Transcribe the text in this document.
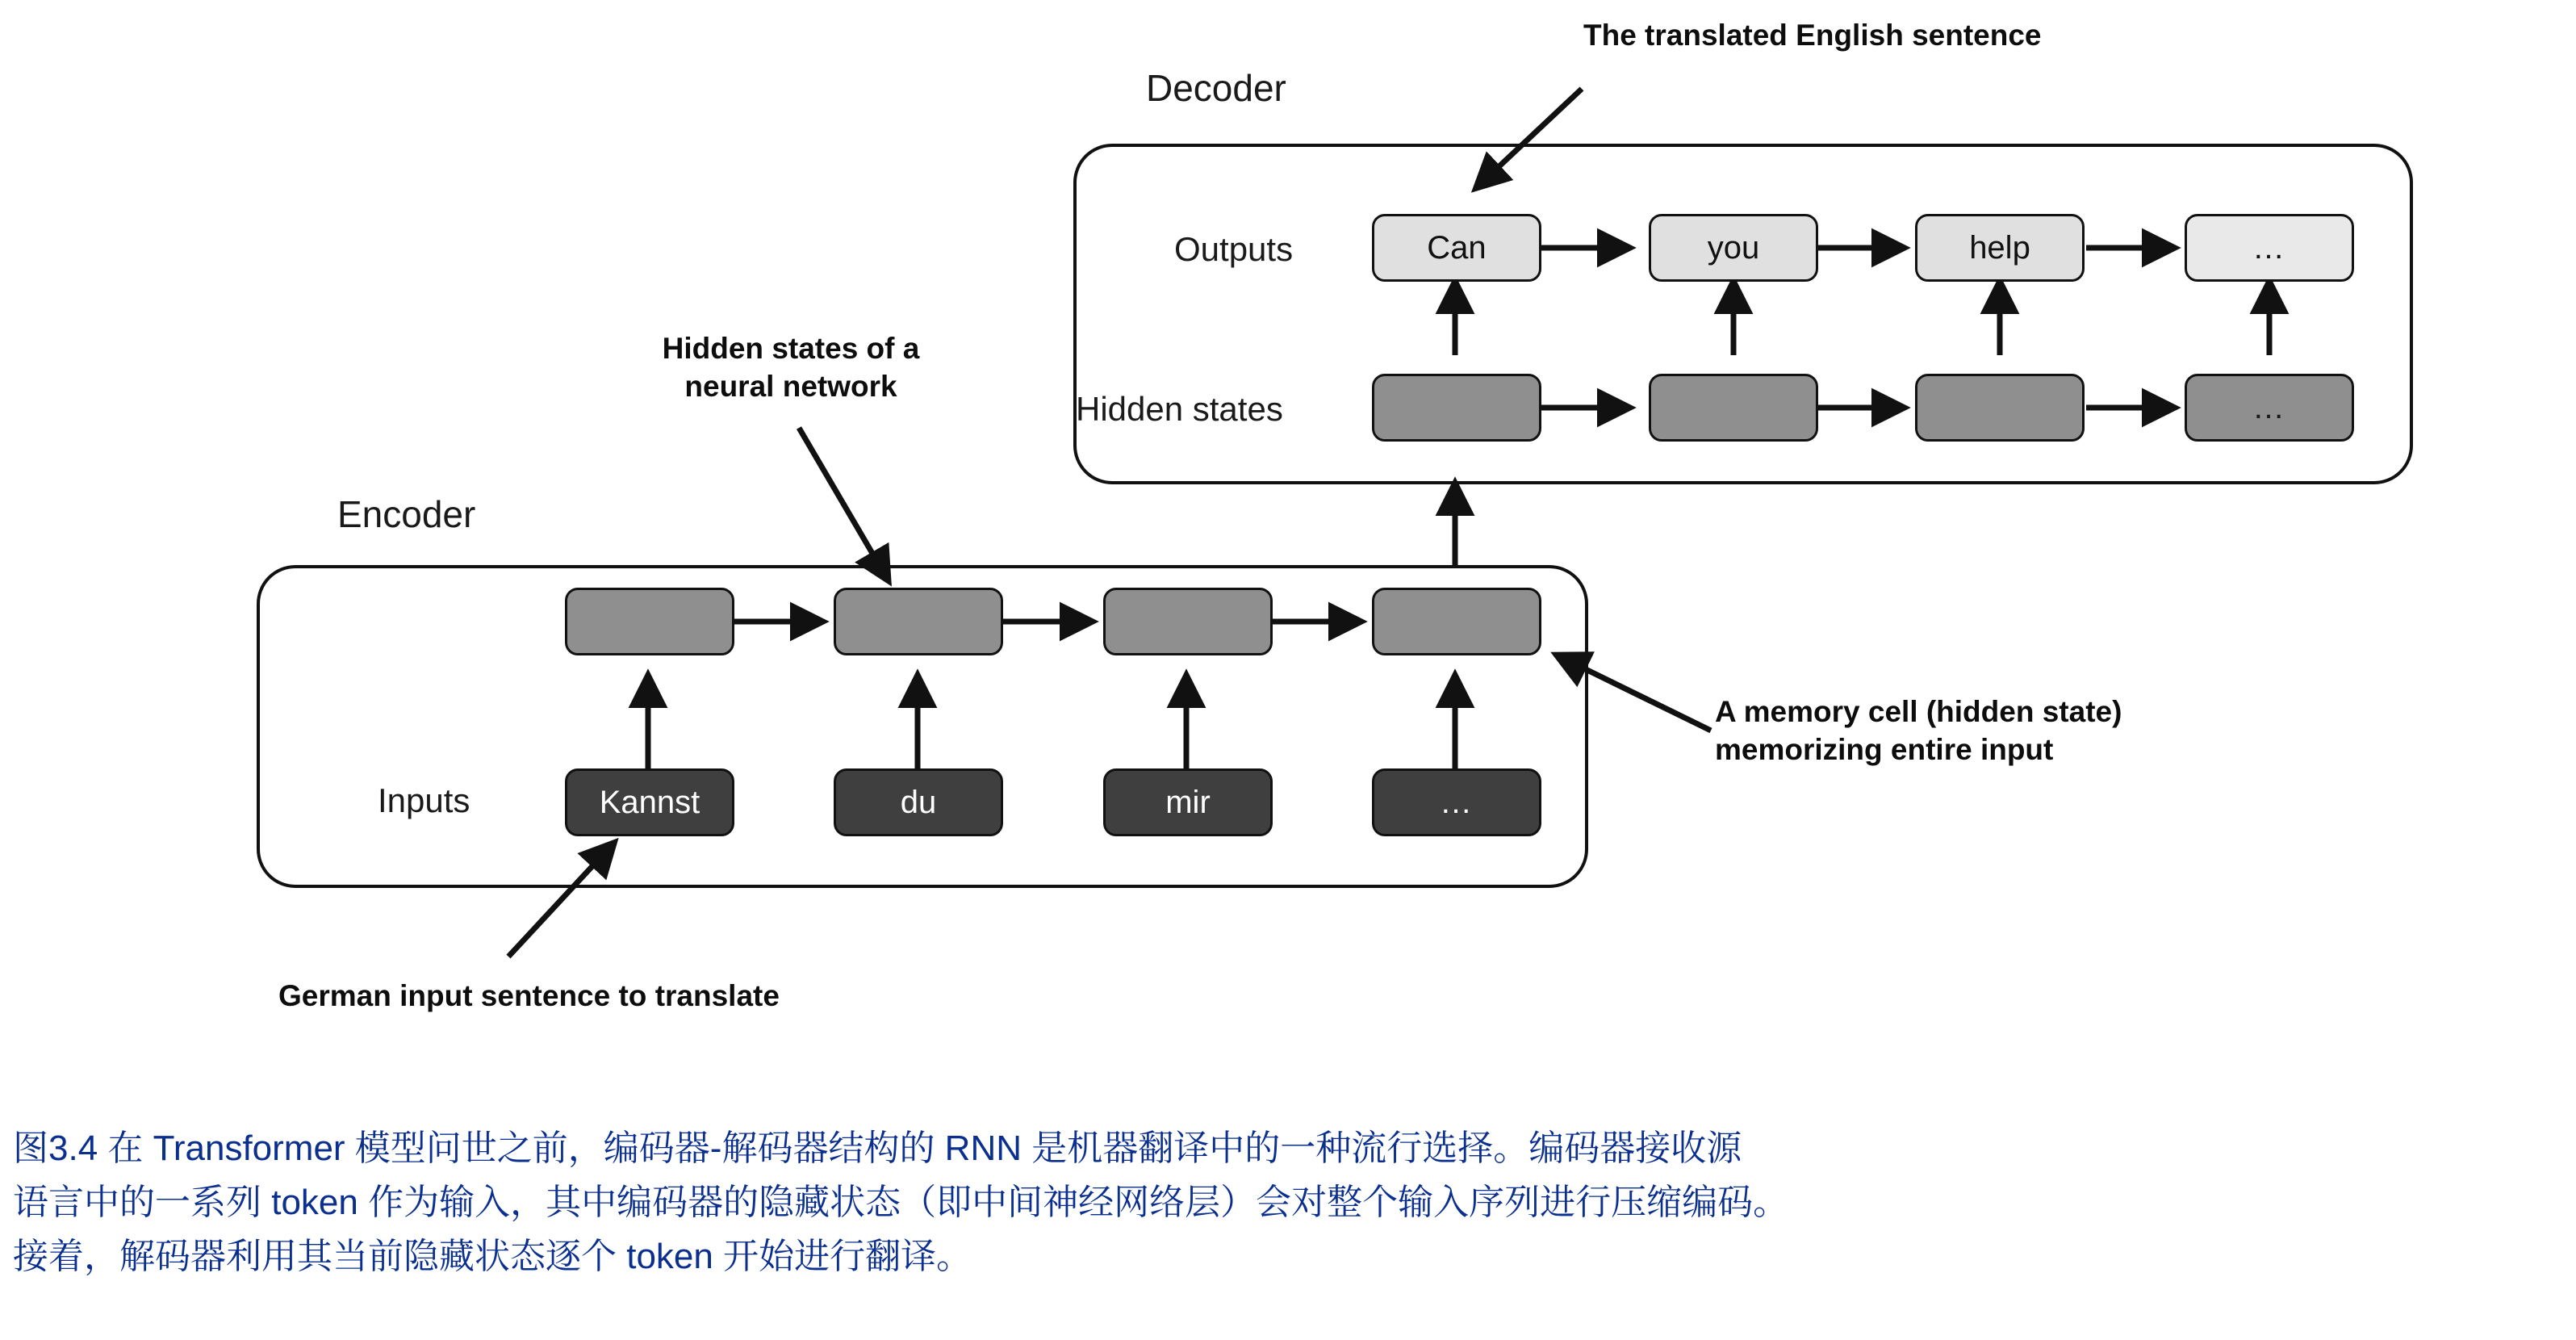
Encoder
Inputs	Kannst	du	mir	…
Decoder
Outputs
Hidden states
Can	you	help	…
…
The translated English sentence
Hidden states of a
neural network
A memory cell (hidden state)
memorizing entire input
German input sentence to translate
图3.4 在 Transformer 模型问世之前，编码器-解码器结构的 RNN 是机器翻译中的一种流行选择。编码器接收源
语言中的一系列 token 作为输入，其中编码器的隐藏状态（即中间神经网络层）会对整个输入序列进行压缩编码。
接着，解码器利用其当前隐藏状态逐个 token 开始进行翻译。
